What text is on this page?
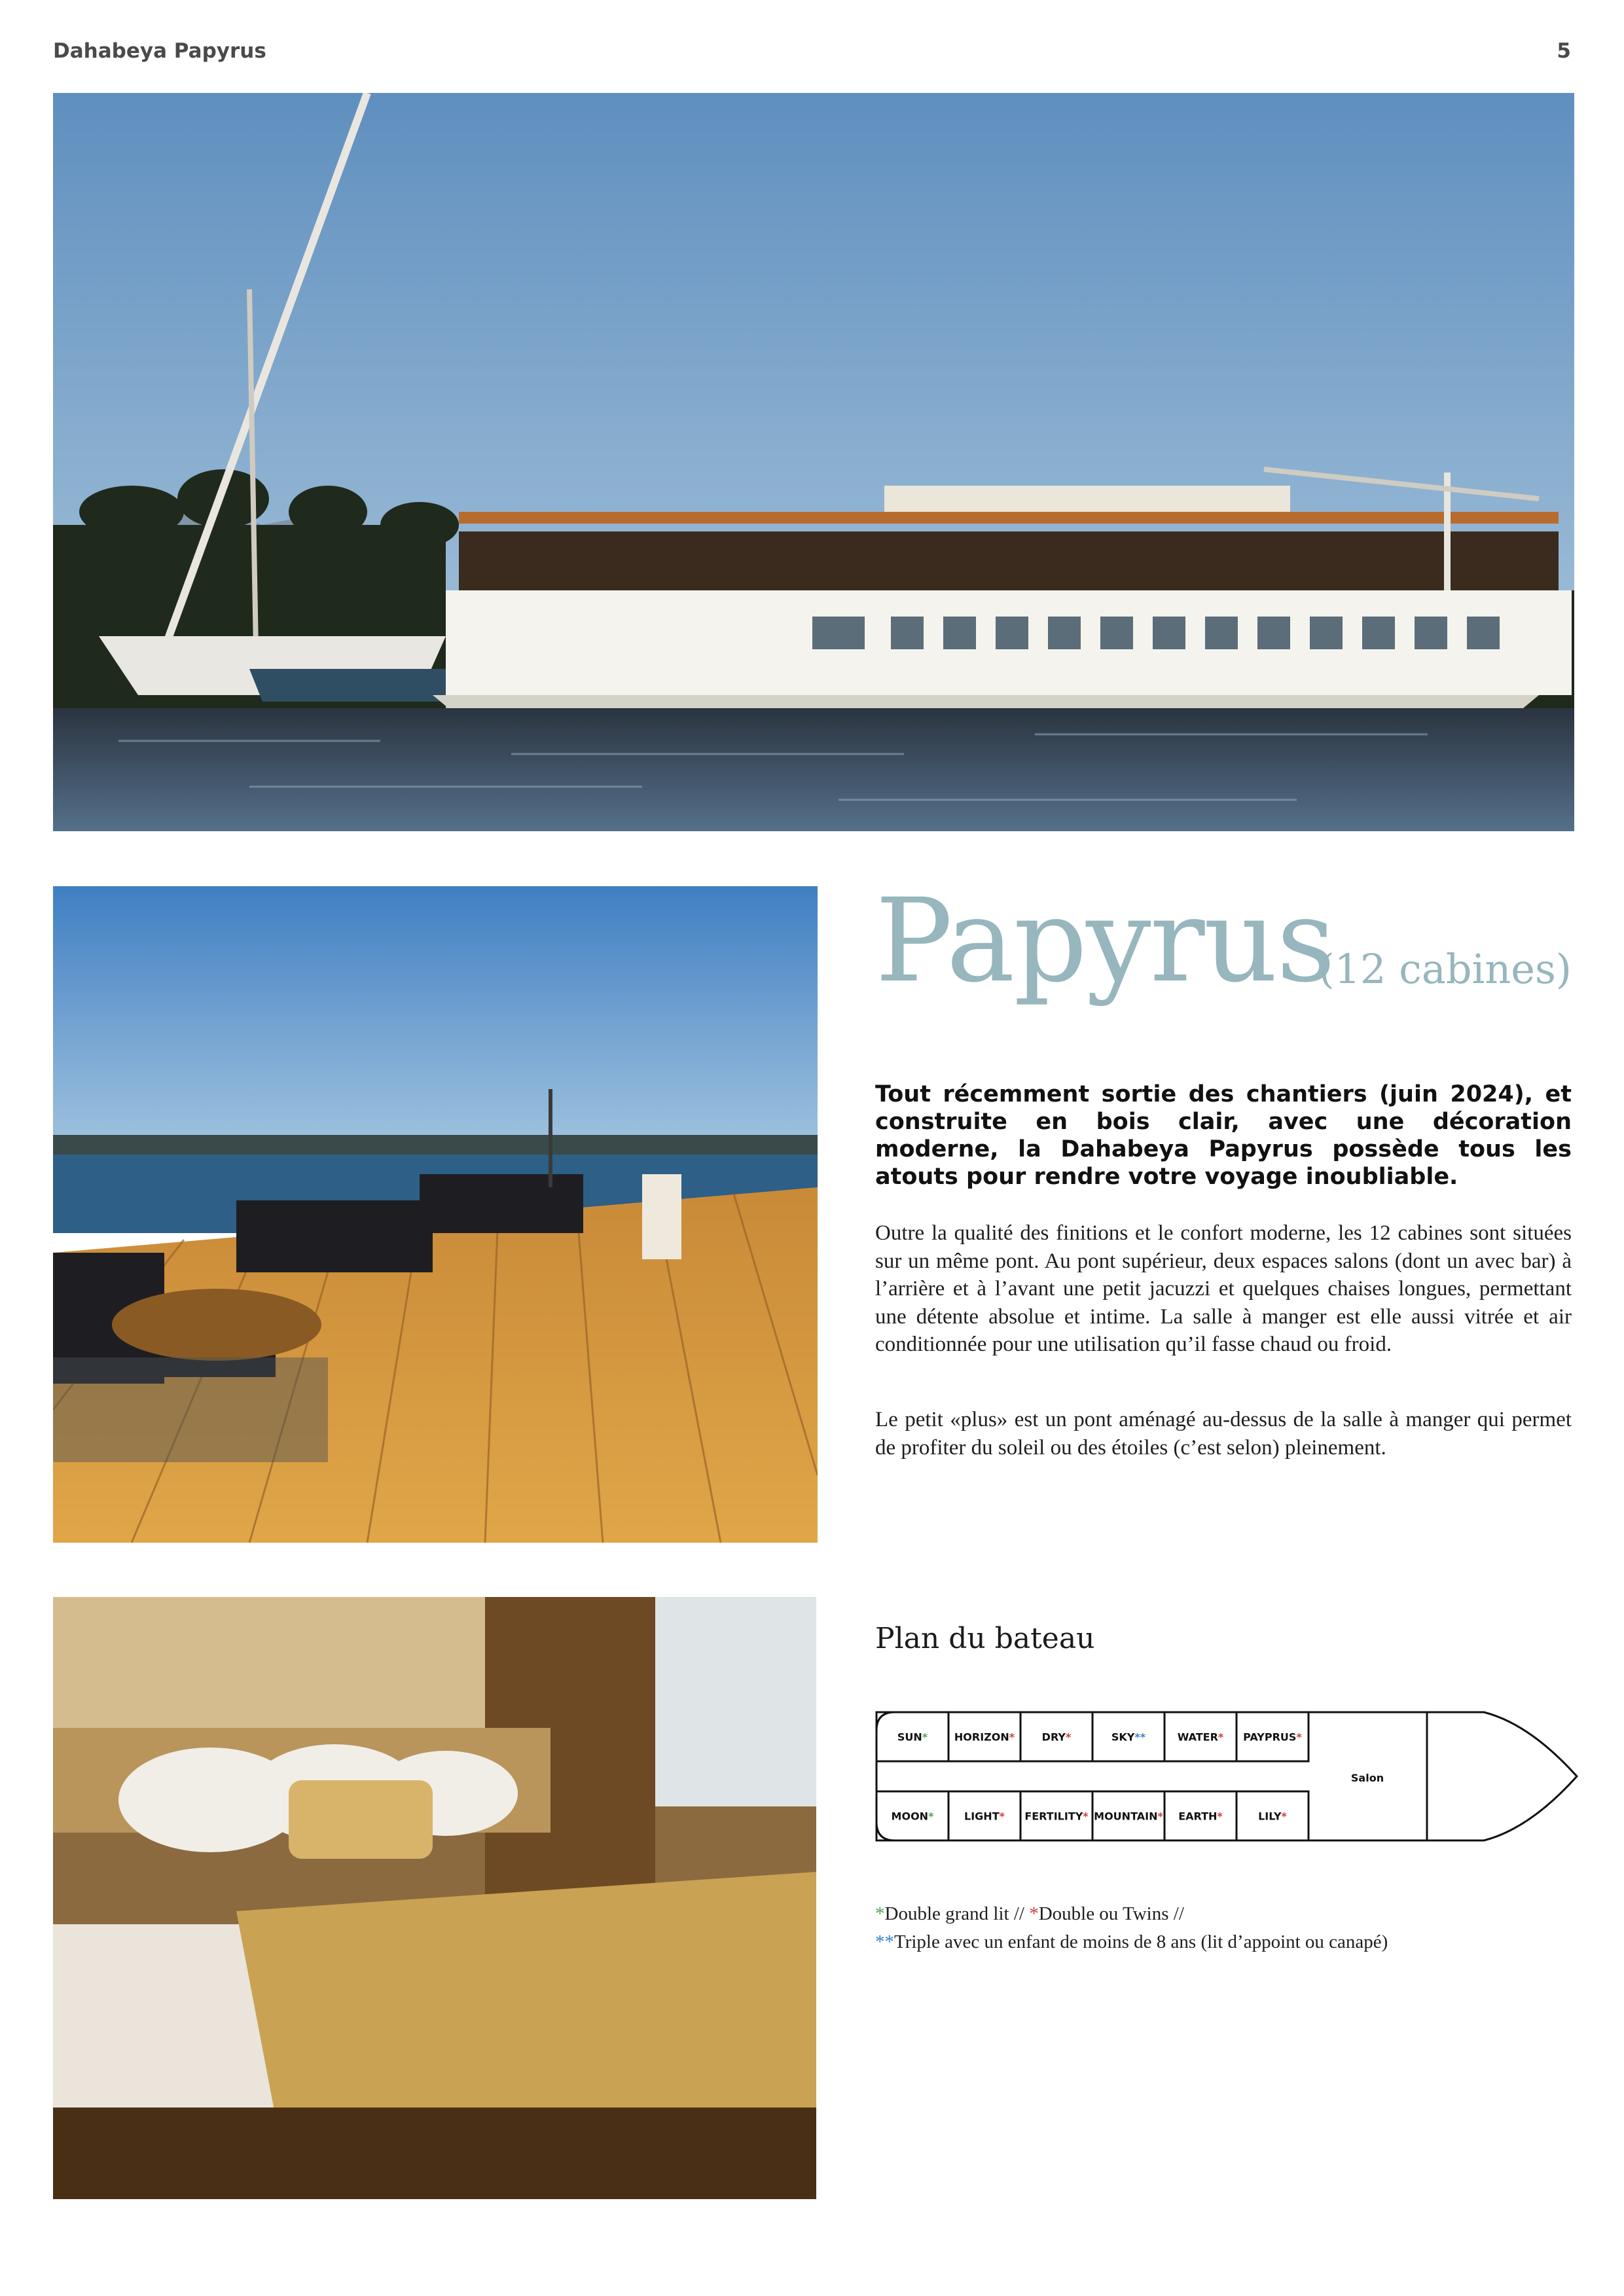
Dahabeya Papyrus	5
Papyrus
(12 cabines)
Tout récemment sortie des chantiers (juin 2024), et construite en bois clair, avec une décoration moderne, la Dahabeya Papyrus possède tous les atouts pour rendre votre voyage inoubliable.
Outre la qualité des finitions et le confort moderne, les 12 cabines sont situées sur un même pont. Au pont supérieur, deux espaces salons (dont un avec bar) à l’arrière et à l’avant une petit jacuzzi et quelques chaises longues, permettant une détente absolue et intime. La salle à manger est elle aussi vitrée et air conditionnée pour une utilisation qu’il fasse chaud ou froid.
Le petit «plus» est un pont aménagé au-dessus de la salle à manger qui permet de profiter du soleil ou des étoiles (c’est selon) pleinement.
Plan du bateau
Salon
SUN*	HORIZON*	DRY*	SKY**	WATER* PAYPRUS*
MOON*	LIGHT* FERTILITY* MOUNTAIN* EARTH*	LILY*
*Double grand lit // *Double ou Twins //
**Triple avec un enfant de moins de 8 ans (lit d’appoint ou canapé)
